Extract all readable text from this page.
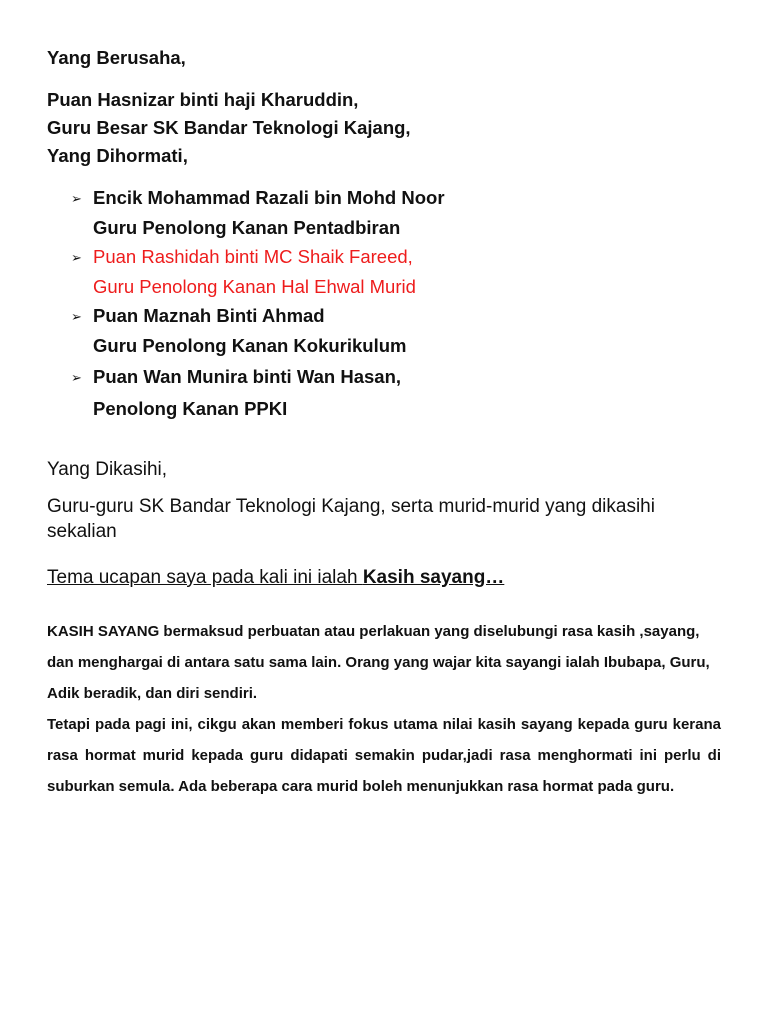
Yang Berusaha,

Puan Hasnizar binti haji Kharuddin,

Guru Besar SK Bandar Teknologi Kajang,

Yang Dihormati,

➢ Encik Mohammad Razali bin Mohd Noor
Guru Penolong Kanan Pentadbiran
➢ Puan Rashidah binti MC Shaik Fareed,
Guru Penolong Kanan Hal Ehwal Murid
➢ Puan Maznah Binti Ahmad
Guru Penolong Kanan Kokurikulum
➢ Puan Wan Munira binti Wan Hasan,
Penolong Kanan PPKI

Yang Dikasihi,

Guru-guru SK Bandar Teknologi Kajang, serta murid-murid yang dikasihi sekalian

Tema ucapan saya pada kali ini ialah Kasih sayang…

KASIH SAYANG bermaksud perbuatan atau perlakuan yang diselubungi rasa kasih ,sayang, dan menghargai di antara satu sama lain. Orang yang wajar kita sayangi ialah Ibubapa, Guru, Adik beradik, dan diri sendiri.

Tetapi pada pagi ini, cikgu akan memberi fokus utama nilai kasih sayang kepada guru kerana rasa hormat murid kepada guru didapati semakin pudar,jadi rasa menghormati ini perlu di suburkan semula. Ada beberapa cara murid boleh menunjukkan rasa hormat pada guru.
